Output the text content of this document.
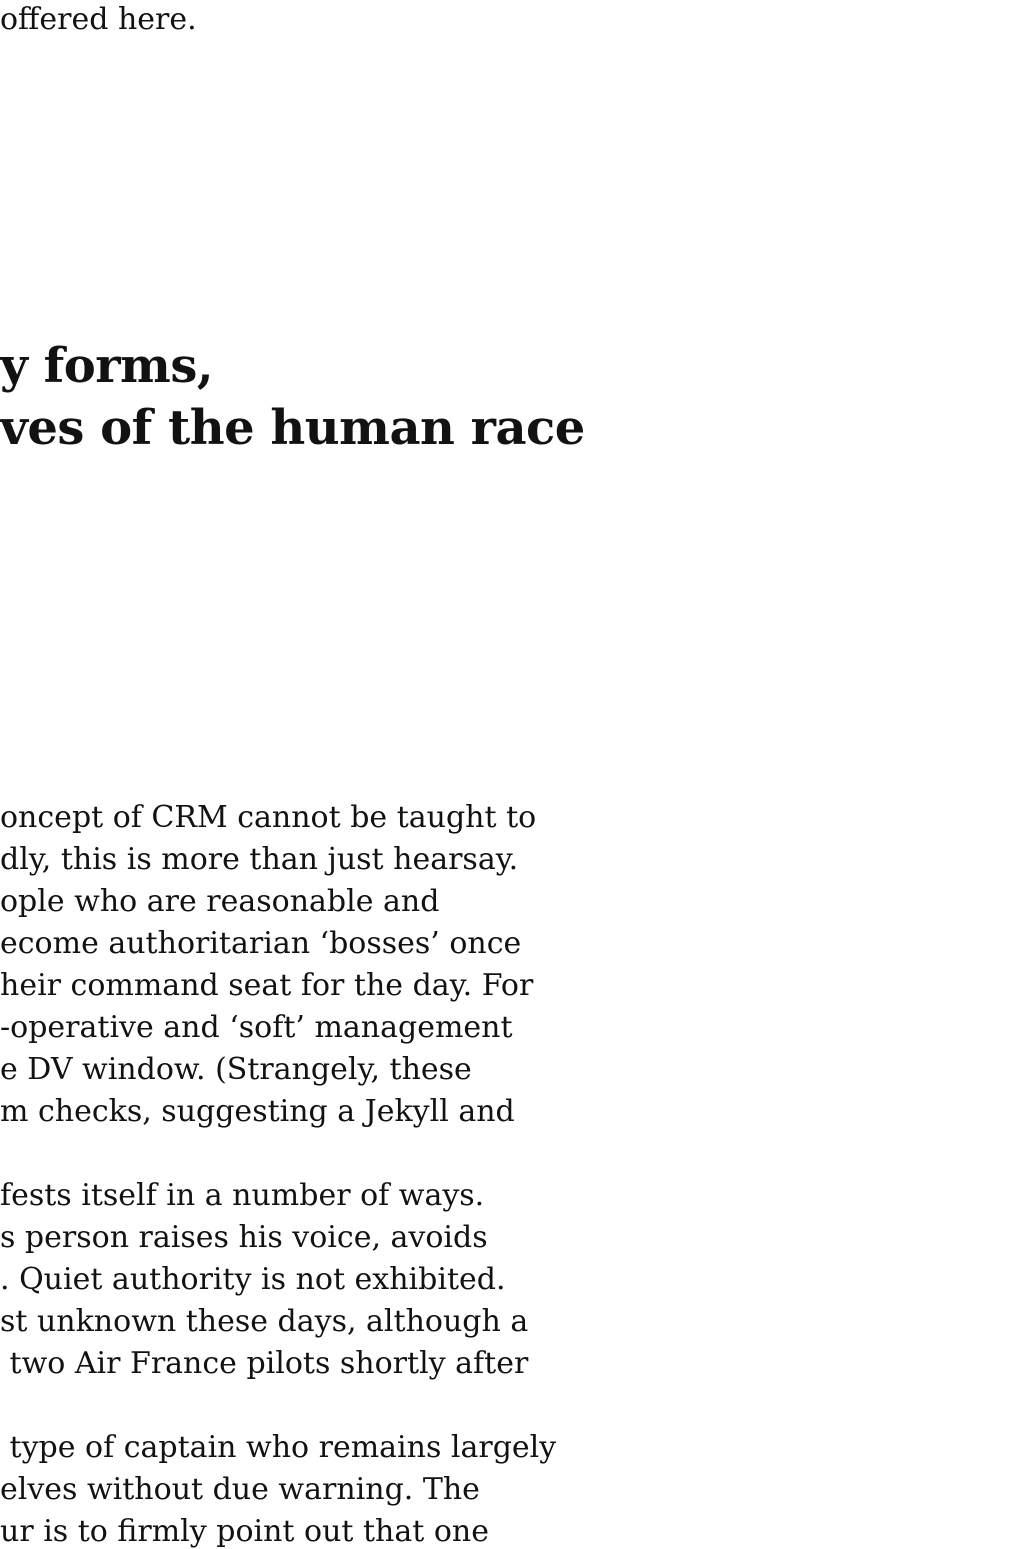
offered here.

y forms,
ves of the human race

oncept of CRM cannot be taught to

dly, this is more than just hearsay.

ople who are reasonable and

ecome authoritarian ‘bosses’ once

heir command seat for the day. For

-operative and ‘soft’ management

e DV window. (Strangely, these

m checks, suggesting a Jekyll and

fests itself in a number of ways.

s person raises his voice, avoids

. Quiet authority is not exhibited.

st unknown these days, although a

two Air France pilots shortly after

type of captain who remains largely

elves without due warning. The

ur is to firmly point out that one
